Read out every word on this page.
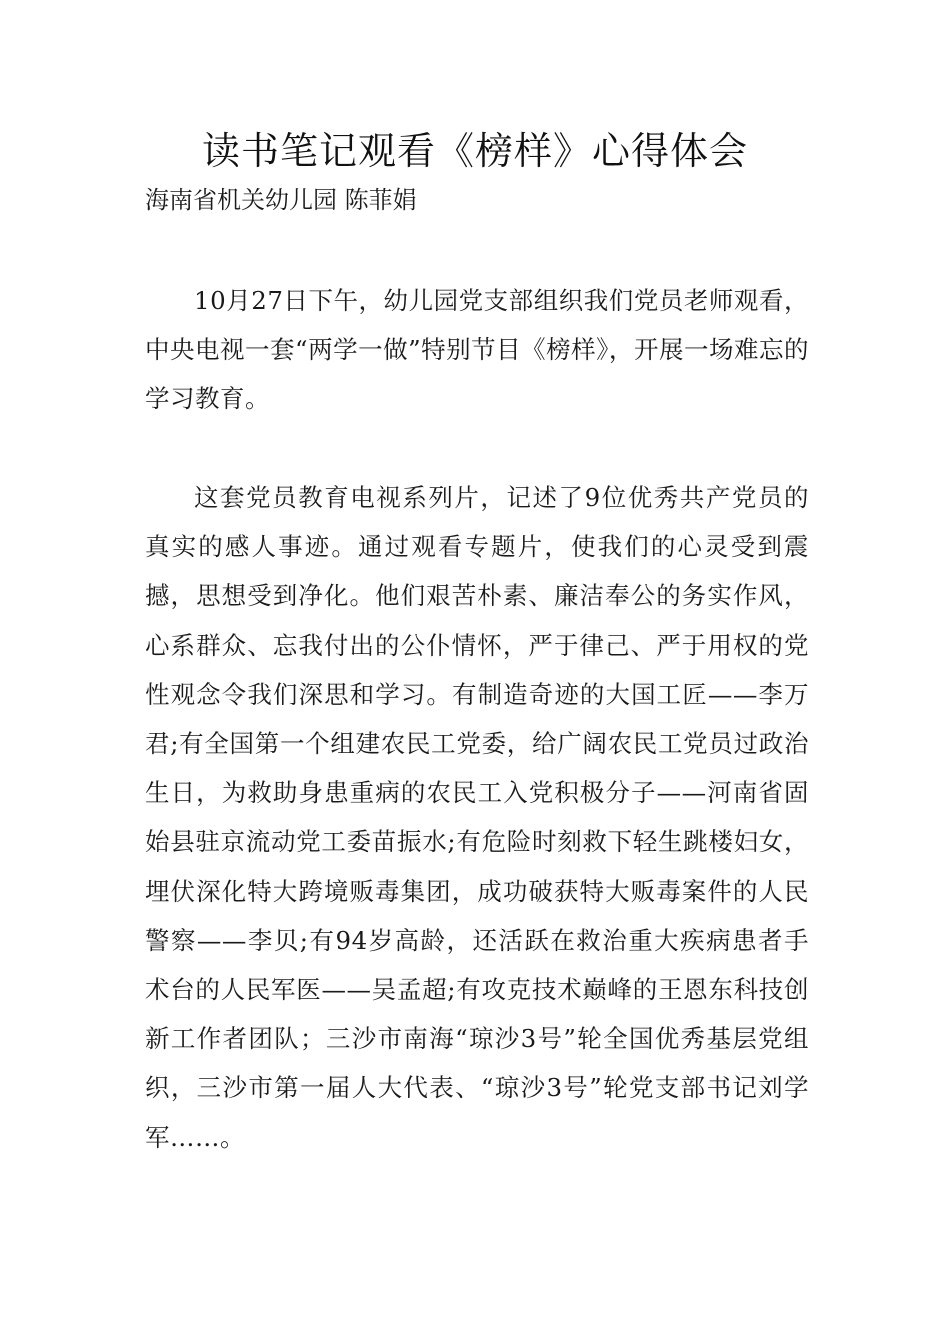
读书笔记观看《榜样》心得体会
海南省机关幼儿园 陈菲娟

10月27日下午，幼儿园党支部组织我们党员老师观看，中央电视一套“两学一做”特别节目《榜样》，开展一场难忘的学习教育。

这套党员教育电视系列片，记述了9位优秀共产党员的真实的感人事迹。通过观看专题片，使我们的心灵受到震撼，思想受到净化。他们艰苦朴素、廉洁奉公的务实作风，心系群众、忘我付出的公仆情怀，严于律己、严于用权的党性观念令我们深思和学习。有制造奇迹的大国工匠——李万君;有全国第一个组建农民工党委，给广阔农民工党员过政治生日，为救助身患重病的农民工入党积极分子——河南省固始县驻京流动党工委苗振水;有危险时刻救下轻生跳楼妇女，埋伏深化特大跨境贩毒集团，成功破获特大贩毒案件的人民警察——李贝;有94岁高龄，还活跃在救治重大疾病患者手术台的人民军医——吴孟超;有攻克技术巅峰的王恩东科技创新工作者团队；三沙市南海“琼沙3号”轮全国优秀基层党组织，三沙市第一届人大代表、“琼沙3号”轮党支部书记刘学军……。
